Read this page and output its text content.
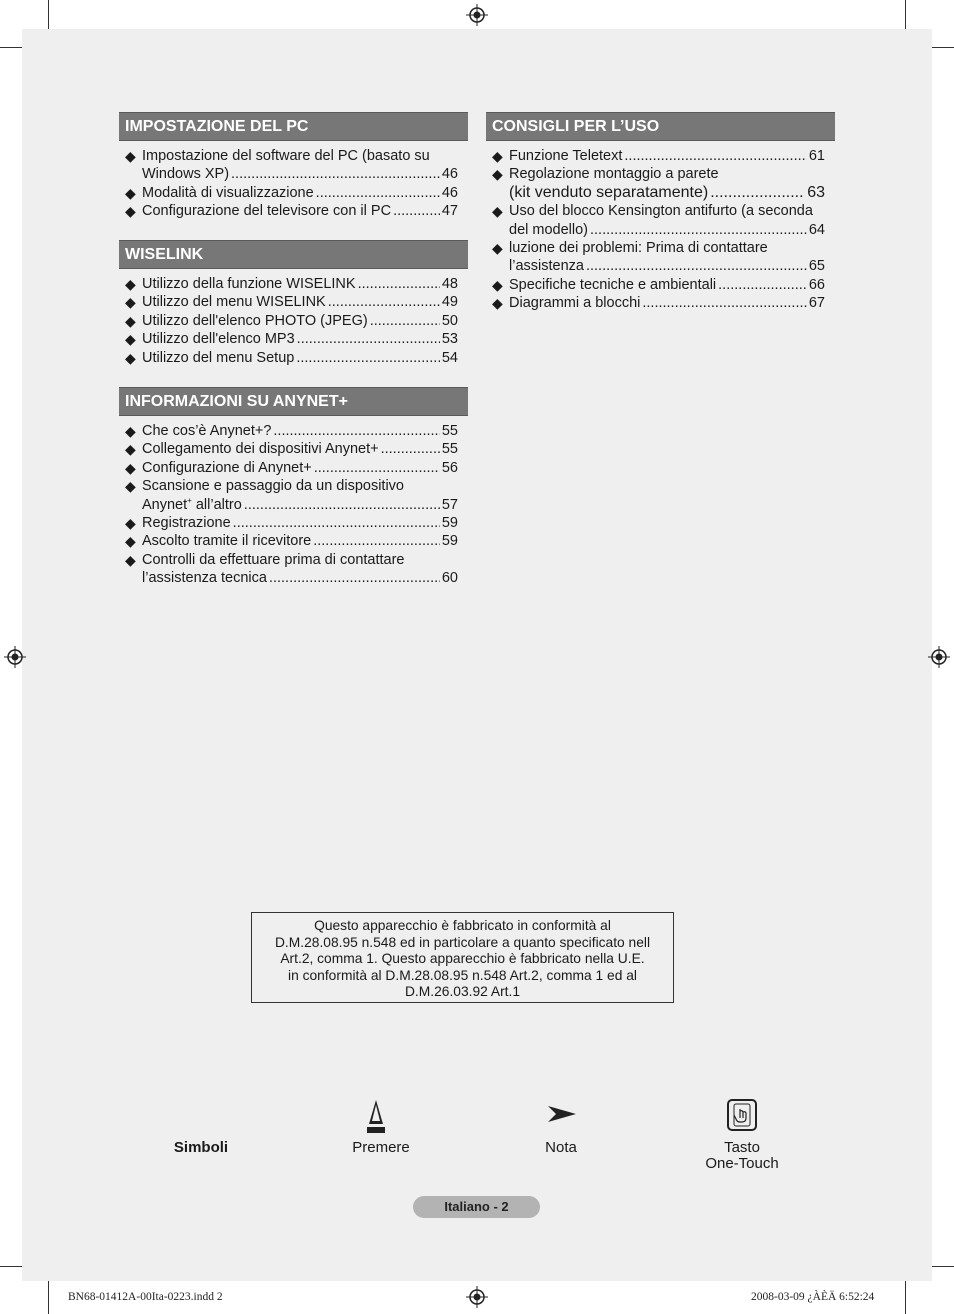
IMPOSTAZIONE DEL PC
◆ Impostazione del software del PC (basato su
Windows XP) .....	46
◆ Modalità di visualizzazione .....	46
◆ Configurazione del televisore con il PC .....	47
WISELINK
◆ Utilizzo della funzione WISELINK .....	48
◆ Utilizzo del menu WISELINK .....	49
◆ Utilizzo dell'elenco PHOTO (JPEG) .....	50
◆ Utilizzo dell'elenco MP3 .....	53
◆ Utilizzo del menu Setup .....	54
INFORMAZIONI SU ANYNET+
◆ Che cos’è Anynet+? .....	55
◆ Collegamento dei dispositivi Anynet+ .....	55
◆ Configurazione di Anynet+ .....	56
◆ Scansione e passaggio da un dispositivo
Anynet+ all’altro .....	57
◆ Registrazione .....	59
◆ Ascolto tramite il ricevitore .....	59
◆ Controlli da effettuare prima di contattare
l’assistenza tecnica .....	60
CONSIGLI PER L’USO
◆ Funzione Teletext .....	61
◆ Regolazione montaggio a parete
(kit venduto separatamente) .....	63
◆ Uso del blocco Kensington antifurto (a seconda
del modello) .....	64
◆ luzione dei problemi: Prima di contattare
l’assistenza .....	65
◆ Specifiche tecniche e ambientali .....	66
◆ Diagrammi a blocchi .....	67
Questo apparecchio è fabbricato in conformità al
D.M.28.08.95 n.548 ed in particolare a quanto specificato nell
Art.2, comma 1. Questo apparecchio è fabbricato nella U.E.
in conformità al D.M.28.08.95 n.548 Art.2, comma 1 ed al
D.M.26.03.92 Art.1
Simboli	Premere	Nota	Tasto
One-Touch
Italiano - 2
BN68-01412A-00Ita-0223.indd 2	2008-03-09 ¿ÀÈÄ 6:52:24
